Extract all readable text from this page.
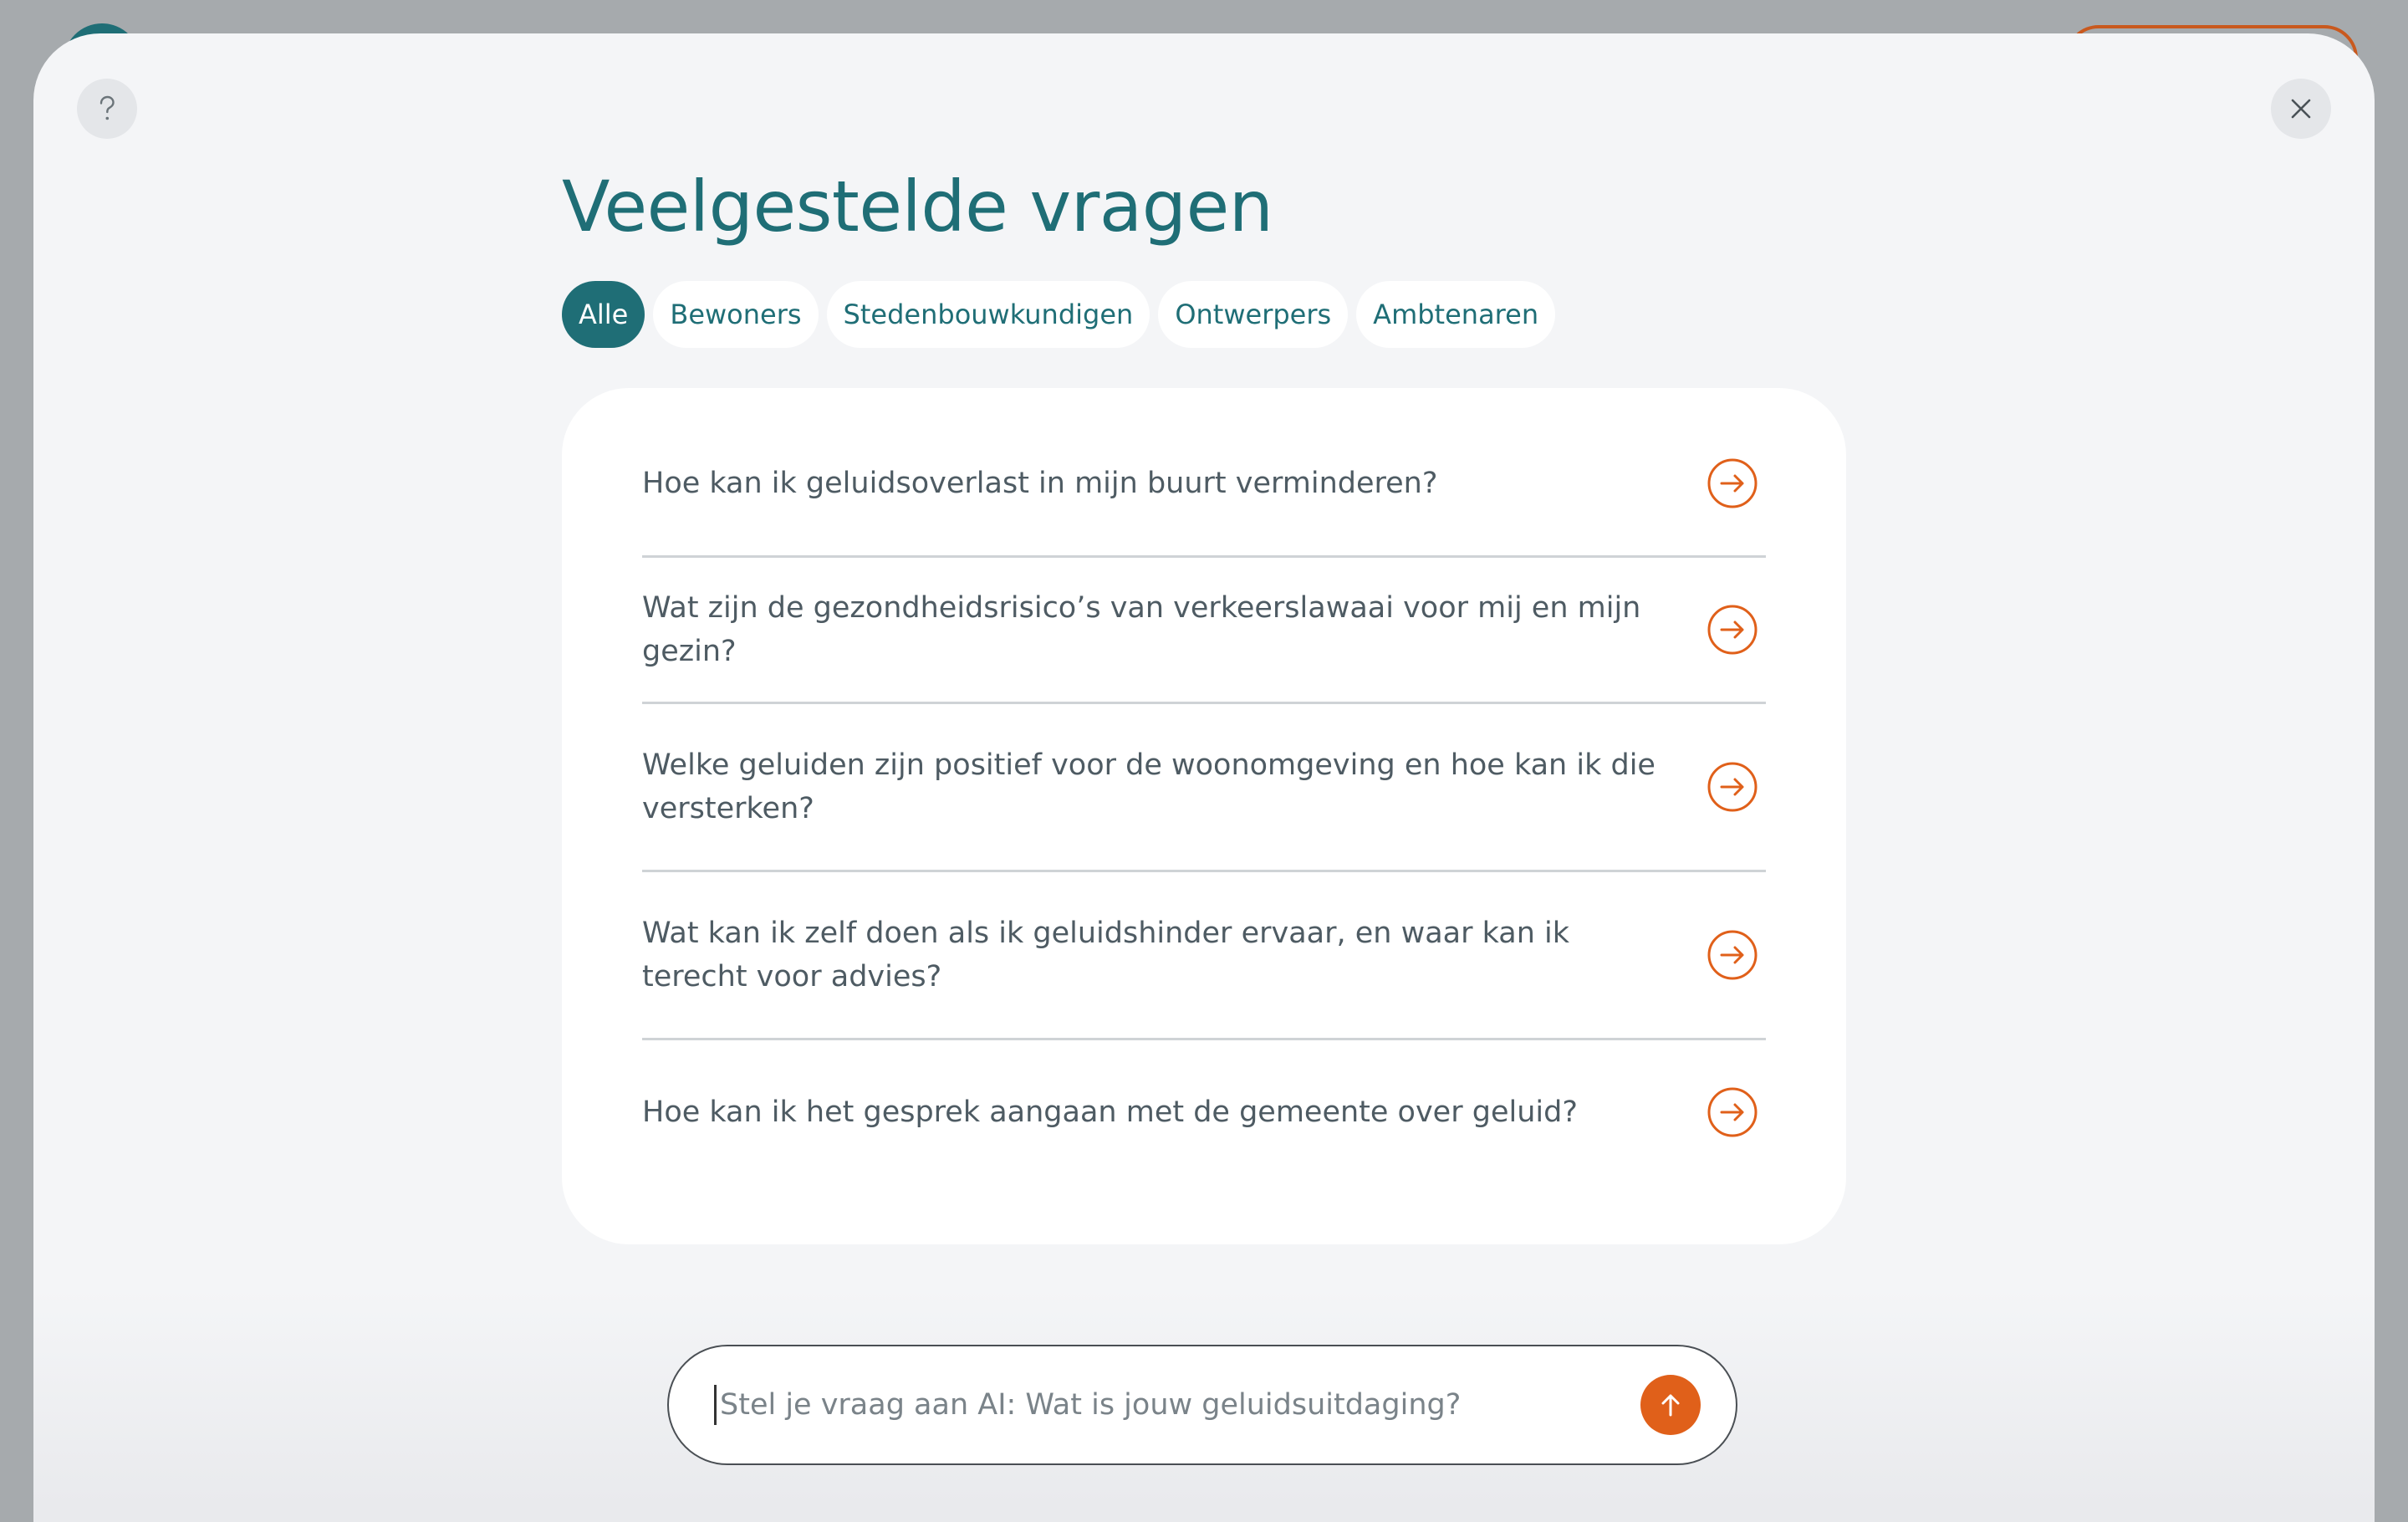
Veelgestelde vragen
Alle	Bewoners	Stedenbouwkundigen	Ontwerpers	Ambtenaren
Hoe kan ik geluidsoverlast in mijn buurt verminderen?
Wat zijn de gezondheidsrisico’s van verkeerslawaai voor mij en mijn gezin?
Welke geluiden zijn positief voor de woonomgeving en hoe kan ik die versterken?
Wat kan ik zelf doen als ik geluidshinder ervaar, en waar kan ik terecht voor advies?
Hoe kan ik het gesprek aangaan met de gemeente over geluid?
Stel je vraag aan AI: Wat is jouw geluidsuitdaging?
